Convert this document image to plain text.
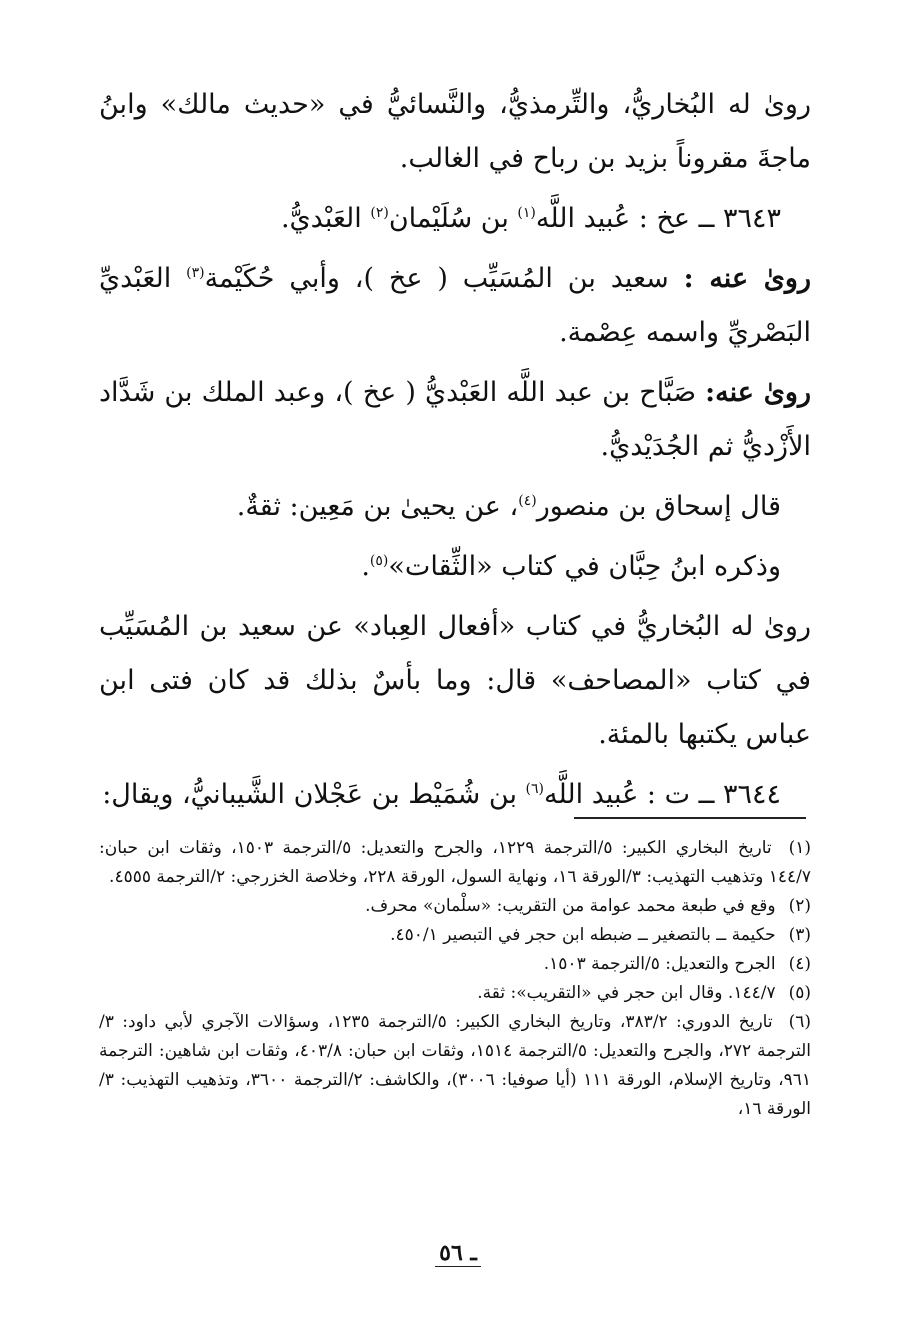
رویٰ له البُخاريُّ، والتِّرمذيُّ، والنَّسائيُّ في «حديث مالك» وابنُ ماجةَ مقروناً بزيد بن رباح في الغالب.

٣٦٤٣ ــ عخ : عُبيد اللَّه$^{(١)}$ بن سُلَيْمان$^{(٢)}$ العَبْديُّ.

رویٰ عنه : سعيد بن المُسَيِّب ( عخ )، وأبي حُكَيْمة$^{(٣)}$ العَبْديِّ البَصْريِّ واسمه عِصْمة.

رویٰ عنه: صَبَّاح بن عبد اللَّه العَبْديُّ ( عخ )، وعبد الملك بن شَدَّاد الأَزْديُّ ثم الجُدَيْديُّ.

قال إسحاق بن منصور$^{(٤)}$، عن يحيىٰ بن مَعِين: ثقةٌ.

وذكره ابنُ حِبَّان في كتاب «الثِّقات»$^{(٥)}$.

رویٰ له البُخاريُّ في كتاب «أفعال العِباد» عن سعيد بن المُسَيِّب في كتاب «المصاحف» قال: وما بأسٌ بذلك قد كان فتى ابن عباس يكتبها بالمئة.

٣٦٤٤ ــ ت : عُبيد اللَّه$^{(٦)}$ بن شُمَيْط بن عَجْلان الشَّيبانيُّ، ويقال:

(١) تاريخ البخاري الكبير: ٥/الترجمة ١٢٢٩، والجرح والتعديل: ٥/الترجمة ١٥٠٣، وثقات ابن حبان: ١٤٤/٧ وتذهيب التهذيب: ٣/الورقة ١٦، ونهاية السول، الورقة ٢٢٨، وخلاصة الخزرجي: ٢/الترجمة ٤٥٥٥.

(٢) وقع في طبعة محمد عوامة من التقريب: «سلْمان» محرف.

(٣) حكيمة ــ بالتصغير ــ ضبطه ابن حجر في التبصير ٤٥٠/١.

(٤) الجرح والتعديل: ٥/الترجمة ١٥٠٣.

(٥) ١٤٤/٧. وقال ابن حجر في «التقريب»: ثقة.

(٦) تاريخ الدوري: ٣٨٣/٢، وتاريخ البخاري الكبير: ٥/الترجمة ١٢٣٥، وسؤالات الآجري لأبي داود: ٣/الترجمة ٢٧٢، والجرح والتعديل: ٥/الترجمة ١٥١٤، وثقات ابن حبان: ٤٠٣/٨، وثقات ابن شاهين: الترجمة ٩٦١، وتاريخ الإسلام، الورقة ١١١ (أيا صوفيا: ٣٠٠٦)، والكاشف: ٢/الترجمة ٣٦٠٠، وتذهيب التهذيب: ٣/الورقة ١٦،

ـ ٥٦
